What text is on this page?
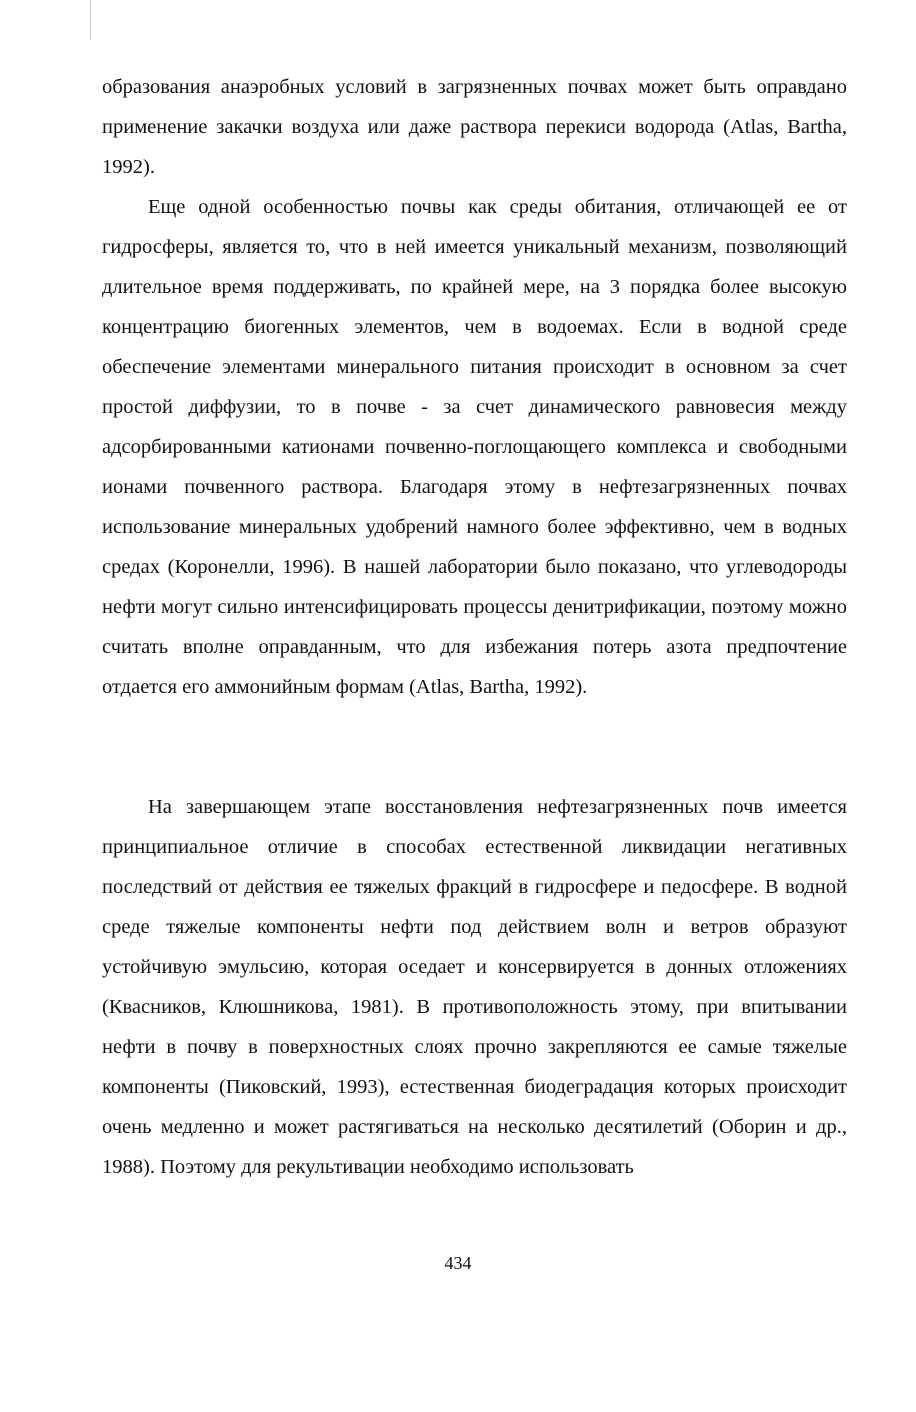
образования анаэробных условий в загрязненных почвах может быть оправдано применение закачки воздуха или даже раствора перекиси водорода (Atlas, Bartha, 1992).

Еще одной особенностью почвы как среды обитания, отличающей ее от гидросферы, является то, что в ней имеется уникальный механизм, позволяющий длительное время поддерживать, по крайней мере, на 3 порядка более высокую концентрацию биогенных элементов, чем в водоемах. Если в водной среде обеспечение элементами минерального питания происходит в основном за счет простой диффузии, то в почве - за счет динамического равновесия между адсорбированными катионами почвенно-поглощающего комплекса и свободными ионами почвенного раствора. Благодаря этому в нефтезагрязненных почвах использование минеральных удобрений намного более эффективно, чем в водных средах (Коронелли, 1996). В нашей лаборатории было показано, что углеводороды нефти могут сильно интенсифицировать процессы денитрификации, поэтому можно считать вполне оправданным, что для избежания потерь азота предпочтение отдается его аммонийным формам (Atlas, Bartha, 1992).

На завершающем этапе восстановления нефтезагрязненных почв имеется принципиальное отличие в способах естественной ликвидации негативных последствий от действия ее тяжелых фракций в гидросфере и педосфере. В водной среде тяжелые компоненты нефти под действием волн и ветров образуют устойчивую эмульсию, которая оседает и консервируется в донных отложениях (Квасников, Клюшникова, 1981). В противоположность этому, при впитывании нефти в почву в поверхностных слоях прочно закрепляются ее самые тяжелые компоненты (Пиковский, 1993), естественная биодеградация которых происходит очень медленно и может растягиваться на несколько десятилетий (Оборин и др., 1988). Поэтому для рекультивации необходимо использовать

434
